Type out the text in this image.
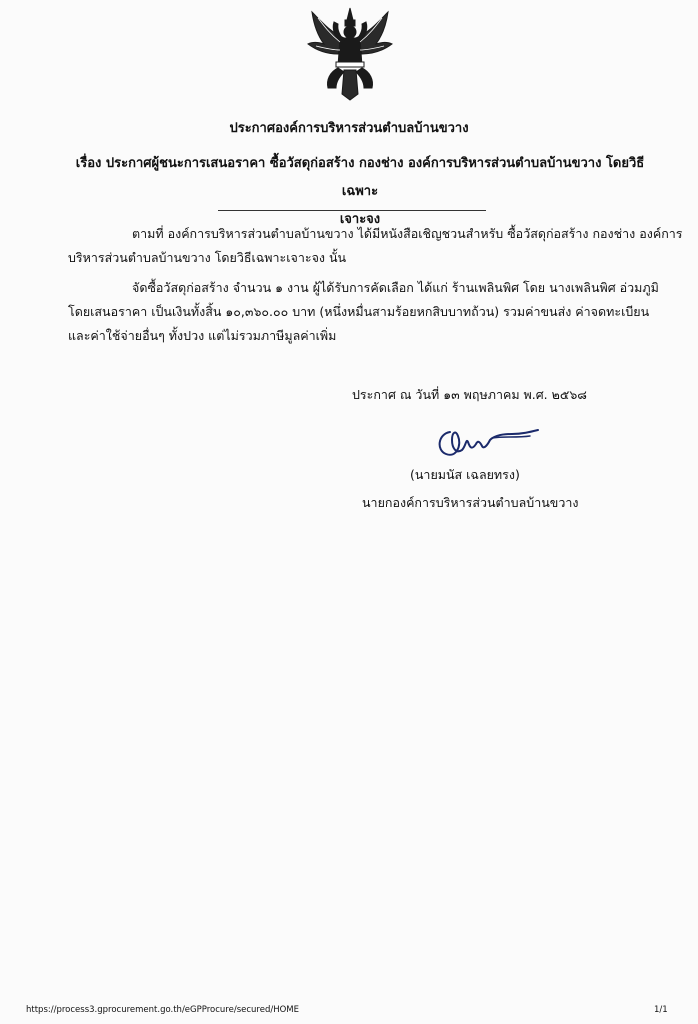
ประกาศองค์การบริหารส่วนตำบลบ้านขวาง
เรื่อง ประกาศผู้ชนะการเสนอราคา ซื้อวัสดุก่อสร้าง กองช่าง องค์การบริหารส่วนตำบลบ้านขวาง โดยวิธีเฉพาะ
เจาะจง
ตามที่ องค์การบริหารส่วนตำบลบ้านขวาง ได้มีหนังสือเชิญชวนสำหรับ ซื้อวัสดุก่อสร้าง กองช่าง องค์การ
บริหารส่วนตำบลบ้านขวาง โดยวิธีเฉพาะเจาะจง นั้น
จัดซื้อวัสดุก่อสร้าง จำนวน ๑ งาน ผู้ได้รับการคัดเลือก ได้แก่ ร้านเพลินพิศ โดย นางเพลินพิศ อ่วมภูมิ
โดยเสนอราคา เป็นเงินทั้งสิ้น ๑๐,๓๖๐.๐๐ บาท (หนึ่งหมื่นสามร้อยหกสิบบาทถ้วน) รวมค่าขนส่ง ค่าจดทะเบียน
และค่าใช้จ่ายอื่นๆ ทั้งปวง แต่ไม่รวมภาษีมูลค่าเพิ่ม
ประกาศ ณ วันที่ ๑๓ พฤษภาคม พ.ศ. ๒๕๖๘
(นายมนัส เฉลยทรง)
นายกองค์การบริหารส่วนตำบลบ้านขวาง
https://process3.gprocurement.go.th/eGPProcure/secured/HOME	1/1
